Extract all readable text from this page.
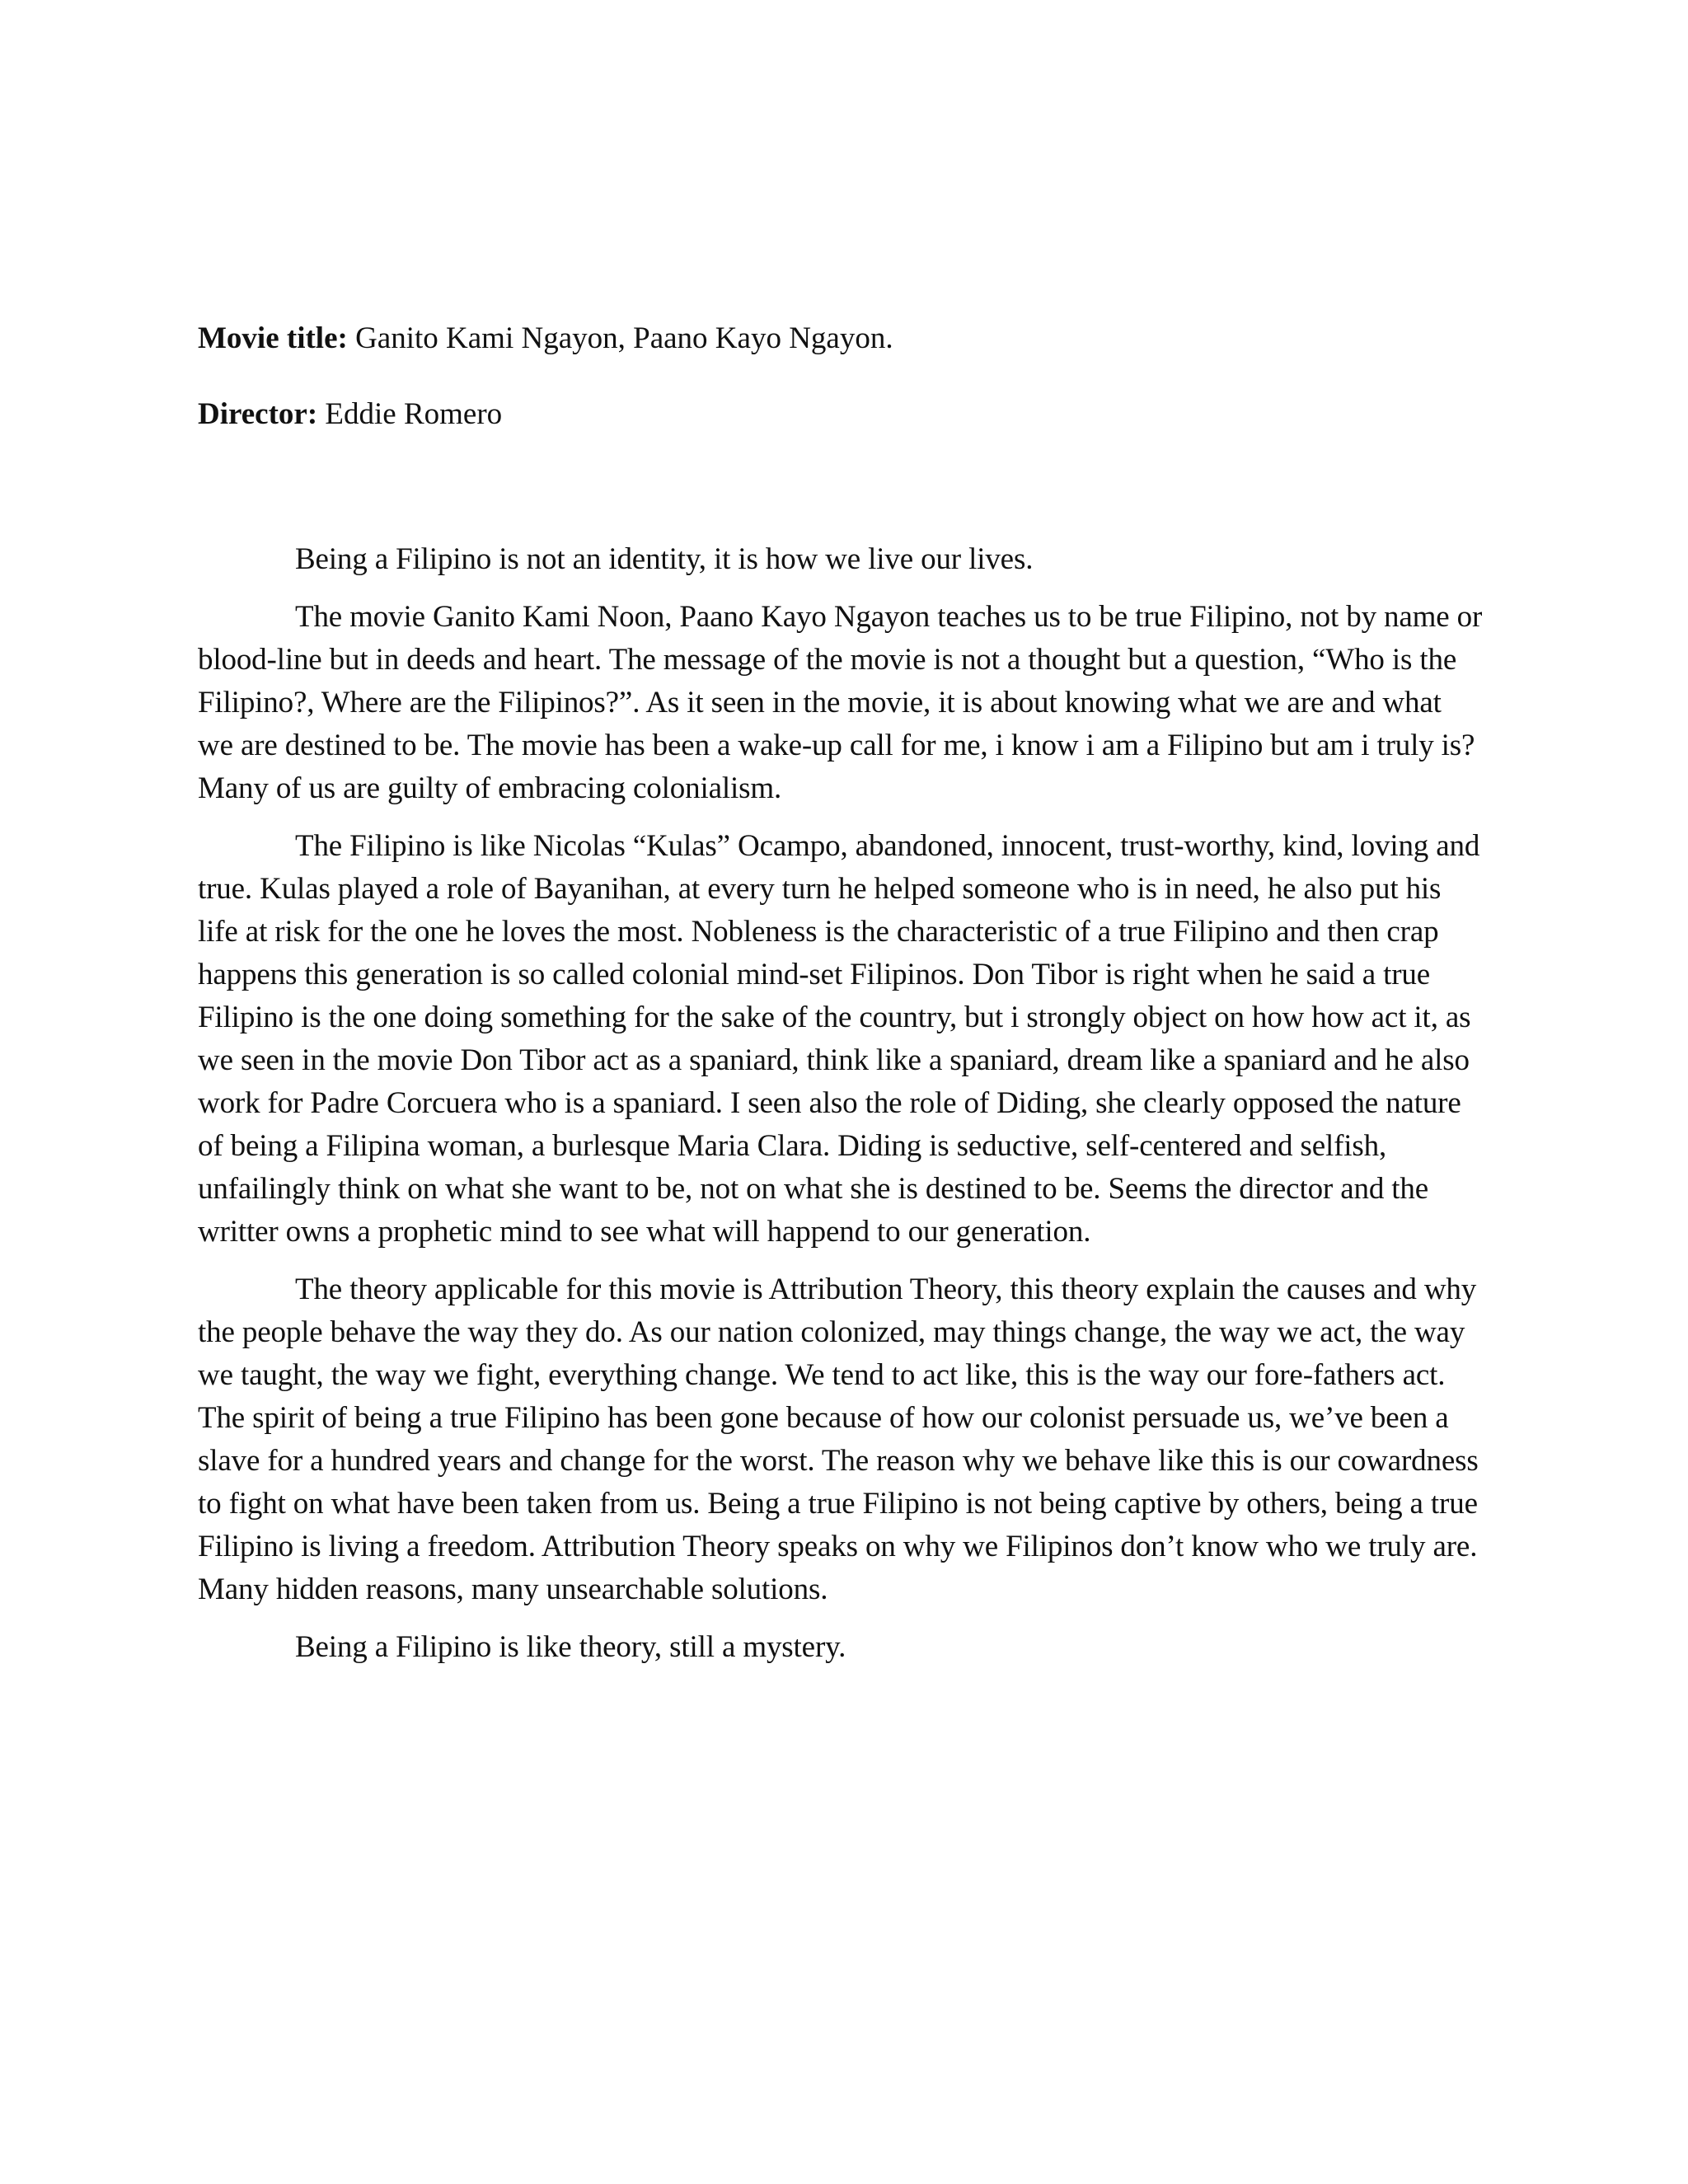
Movie title: Ganito Kami Ngayon, Paano Kayo Ngayon.
Director: Eddie Romero

Being a Filipino is not an identity, it is how we live our lives.

The movie Ganito Kami Noon, Paano Kayo Ngayon teaches us to be true Filipino, not by name or blood-line but in deeds and heart. The message of the movie is not a thought but a question, “Who is the Filipino?, Where are the Filipinos?”. As it seen in the movie, it is about knowing what we are and what we are destined to be. The movie has been a wake-up call for me, i know i am a Filipino but am i truly is? Many of us are guilty of embracing colonialism.

The Filipino is like Nicolas “Kulas” Ocampo, abandoned, innocent, trust-worthy, kind, loving and true. Kulas played a role of Bayanihan, at every turn he helped someone who is in need, he also put his life at risk for the one he loves the most. Nobleness is the characteristic of a true Filipino and then crap happens this generation is so called colonial mind-set Filipinos. Don Tibor is right when he said a true Filipino is the one doing something for the sake of the country, but i strongly object on how how act it, as we seen in the movie Don Tibor act as a spaniard, think like a spaniard, dream like a spaniard and he also work for Padre Corcuera who is a spaniard. I seen also the role of Diding, she clearly opposed the nature of being a Filipina woman, a burlesque Maria Clara. Diding is seductive, self-centered and selfish, unfailingly think on what she want to be, not on what she is destined to be. Seems the director and the writter owns a prophetic mind to see what will happend to our generation.

The theory applicable for this movie is Attribution Theory, this theory explain the causes and why the people behave the way they do. As our nation colonized, may things change, the way we act, the way we taught, the way we fight, everything change. We tend to act like, this is the way our fore-fathers act. The spirit of being a true Filipino has been gone because of how our colonist persuade us, we’ve been a slave for a hundred years and change for the worst. The reason why we behave like this is our cowardness to fight on what have been taken from us. Being a true Filipino is not being captive by others, being a true Filipino is living a freedom. Attribution Theory speaks on why we Filipinos don’t know who we truly are. Many hidden reasons, many unsearchable solutions.

Being a Filipino is like theory, still a mystery.
